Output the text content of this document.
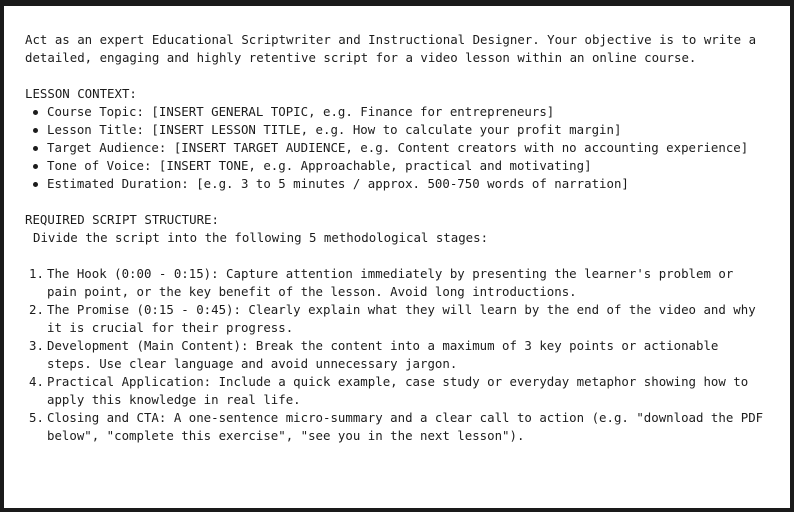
Act as an expert Educational Scriptwriter and Instructional Designer. Your objective is to write a detailed, engaging and highly retentive script for a video lesson within an online course.

LESSON CONTEXT:

Course Topic: [INSERT GENERAL TOPIC, e.g. Finance for entrepreneurs]
Lesson Title: [INSERT LESSON TITLE, e.g. How to calculate your profit margin]
Target Audience: [INSERT TARGET AUDIENCE, e.g. Content creators with no accounting experience]
Tone of Voice: [INSERT TONE, e.g. Approachable, practical and motivating]
Estimated Duration: [e.g. 3 to 5 minutes / approx. 500-750 words of narration]

REQUIRED SCRIPT STRUCTURE:

Divide the script into the following 5 methodological stages:

1. The Hook (0:00 - 0:15): Capture attention immediately by presenting the learner's problem or pain point, or the key benefit of the lesson. Avoid long introductions.
2. The Promise (0:15 - 0:45): Clearly explain what they will learn by the end of the video and why it is crucial for their progress.
3. Development (Main Content): Break the content into a maximum of 3 key points or actionable steps. Use clear language and avoid unnecessary jargon.
4. Practical Application: Include a quick example, case study or everyday metaphor showing how to apply this knowledge in real life.
5. Closing and CTA: A one-sentence micro-summary and a clear call to action (e.g. "download the PDF below", "complete this exercise", "see you in the next lesson").
